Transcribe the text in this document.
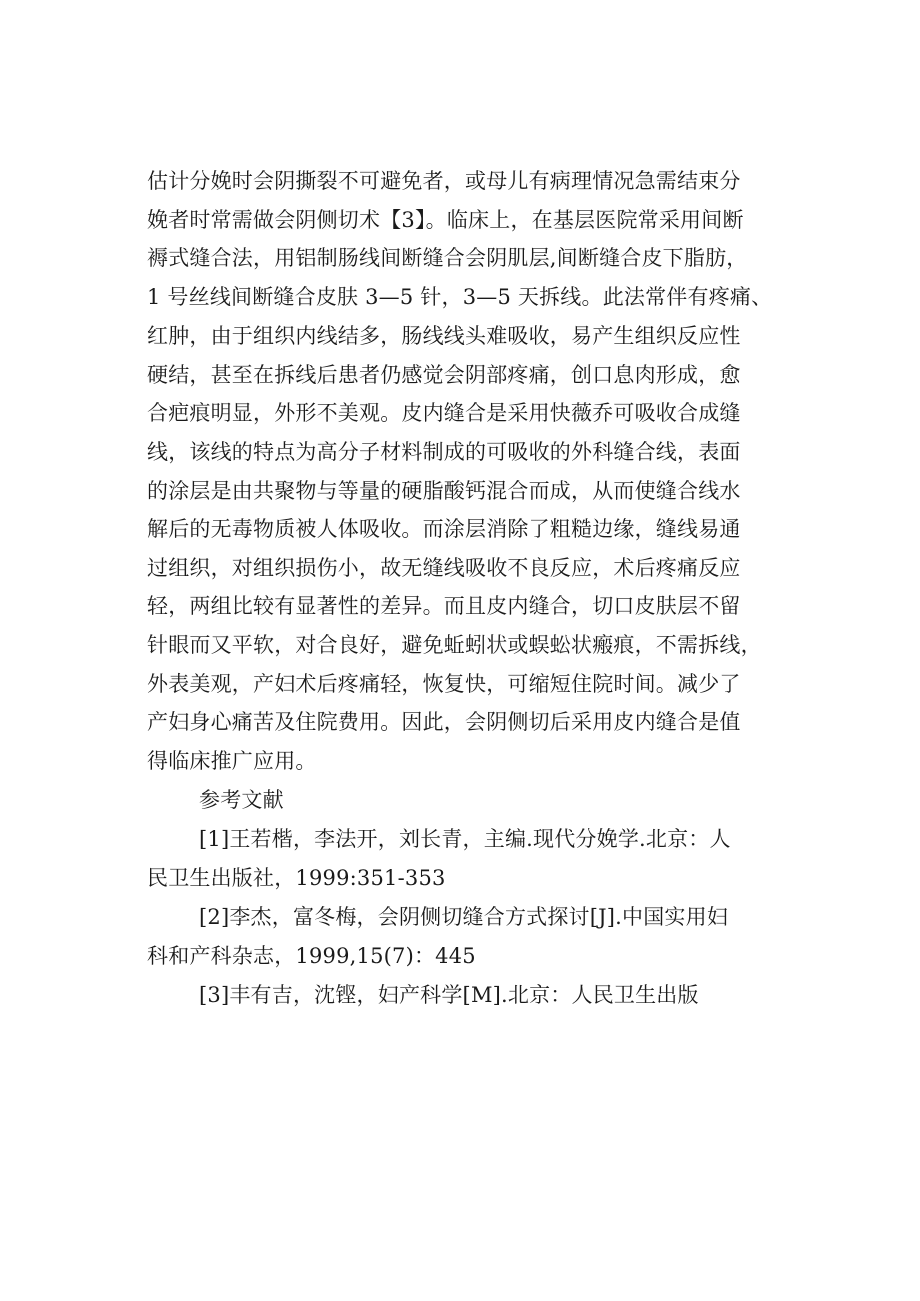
估计分娩时会阴撕裂不可避免者，或母儿有病理情况急需结束分
娩者时常需做会阴侧切术【3】。临床上，在基层医院常采用间断
褥式缝合法，用铝制肠线间断缝合会阴肌层,间断缝合皮下脂肪，
1 号丝线间断缝合皮肤 3—5 针，3—5 天拆线。此法常伴有疼痛、
红肿，由于组织内线结多，肠线线头难吸收，易产生组织反应性
硬结，甚至在拆线后患者仍感觉会阴部疼痛，创口息肉形成，愈
合疤痕明显，外形不美观。皮内缝合是采用快薇乔可吸收合成缝
线，该线的特点为高分子材料制成的可吸收的外科缝合线，表面
的涂层是由共聚物与等量的硬脂酸钙混合而成，从而使缝合线水
解后的无毒物质被人体吸收。而涂层消除了粗糙边缘，缝线易通
过组织，对组织损伤小，故无缝线吸收不良反应，术后疼痛反应
轻，两组比较有显著性的差异。而且皮内缝合，切口皮肤层不留
针眼而又平软，对合良好，避免蚯蚓状或蜈蚣状瘢痕，不需拆线，
外表美观，产妇术后疼痛轻，恢复快，可缩短住院时间。减少了
产妇身心痛苦及住院费用。因此，会阴侧切后采用皮内缝合是值
得临床推广应用。
参考文献
[1]王若楷，李法开，刘长青，主编.现代分娩学.北京：人
民卫生出版社，1999:351-353
[2]李杰，富冬梅，会阴侧切缝合方式探讨[J].中国实用妇
科和产科杂志，1999,15(7)：445
[3]丰有吉，沈铿，妇产科学[M].北京：人民卫生出版
